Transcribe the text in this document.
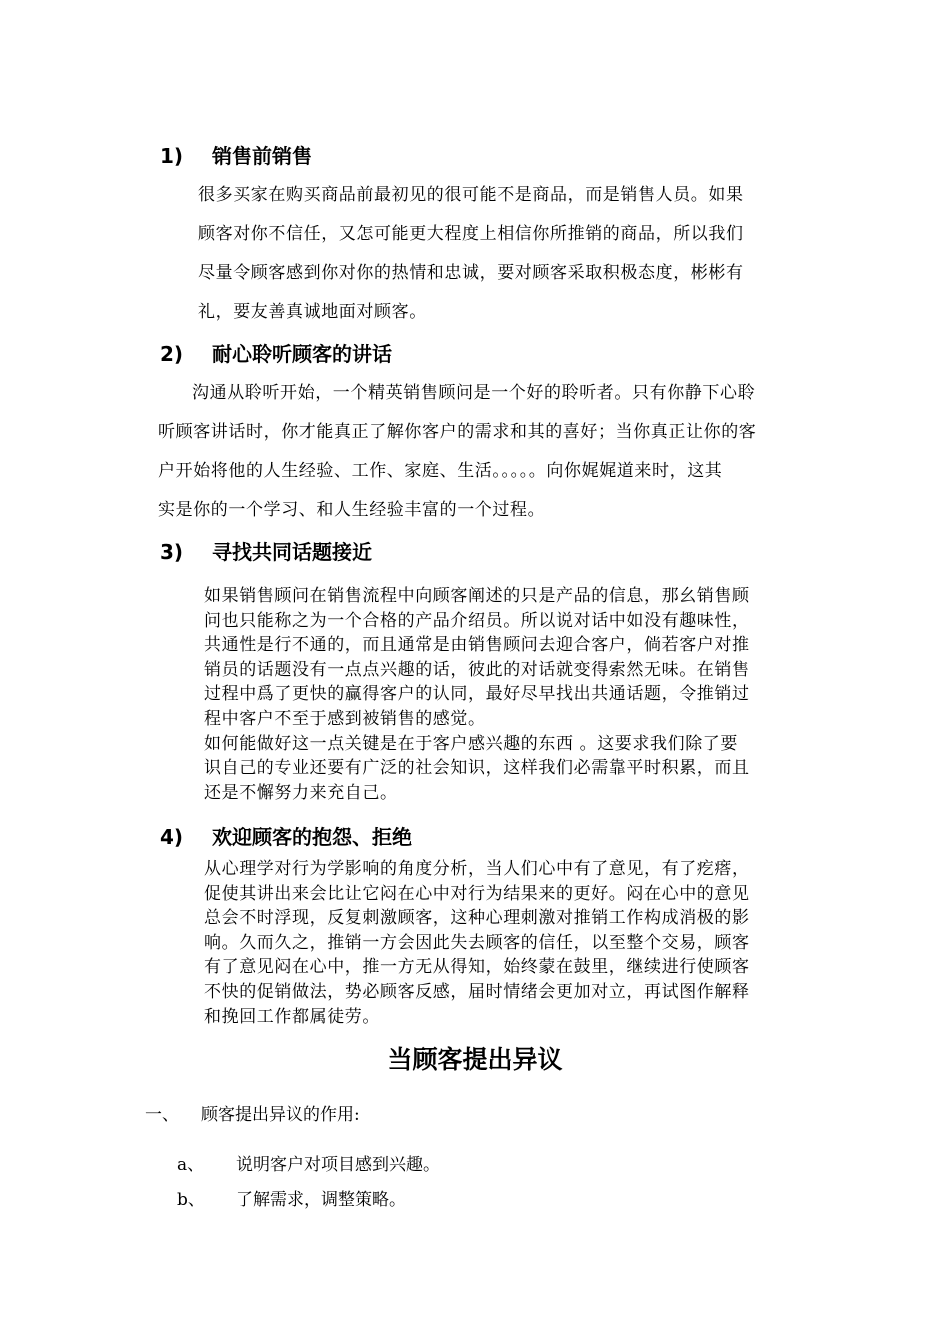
1) 销售前销售
很多买家在购买商品前最初见的很可能不是商品，而是销售人员。如果
顾客对你不信任，又怎可能更大程度上相信你所推销的商品，所以我们
尽量令顾客感到你对你的热情和忠诚，要对顾客采取积极态度，彬彬有
礼，要友善真诚地面对顾客。
2) 耐心聆听顾客的讲话
沟通从聆听开始，一个精英销售顾问是一个好的聆听者。只有你静下心聆
听顾客讲话时，你才能真正了解你客户的需求和其的喜好；当你真正让你的客
户开始将他的人生经验、工作、家庭、生活。。。。。向你娓娓道来时，这其
实是你的一个学习、和人生经验丰富的一个过程。
3) 寻找共同话题接近
如果销售顾问在销售流程中向顾客阐述的只是产品的信息，那幺销售顾
问也只能称之为一个合格的产品介绍员。所以说对话中如没有趣味性，
共通性是行不通的，而且通常是由销售顾问去迎合客户，倘若客户对推
销员的话题没有一点点兴趣的话，彼此的对话就变得索然无味。在销售
过程中爲了更快的赢得客户的认同，最好尽早找出共通话题，令推销过
程中客户不至于感到被销售的感觉。
如何能做好这一点关键是在于客户感兴趣的东西 。这要求我们除了要
识自己的专业还要有广泛的社会知识，这样我们必需靠平时积累，而且
还是不懈努力来充自己。
4) 欢迎顾客的抱怨、拒绝
从心理学对行为学影响的角度分析，当人们心中有了意见，有了疙瘩，
促使其讲出来会比让它闷在心中对行为结果来的更好。闷在心中的意见
总会不时浮现，反复刺激顾客，这种心理刺激对推销工作构成消极的影
响。久而久之，推销一方会因此失去顾客的信任，以至整个交易，顾客
有了意见闷在心中，推一方无从得知，始终蒙在鼓里，继续进行使顾客
不快的促销做法，势必顾客反感，届时情绪会更加对立，再试图作解释
和挽回工作都属徒劳。
当顾客提出异议
一、 顾客提出异议的作用:
a、 说明客户对项目感到兴趣。
b、 了解需求，调整策略。
